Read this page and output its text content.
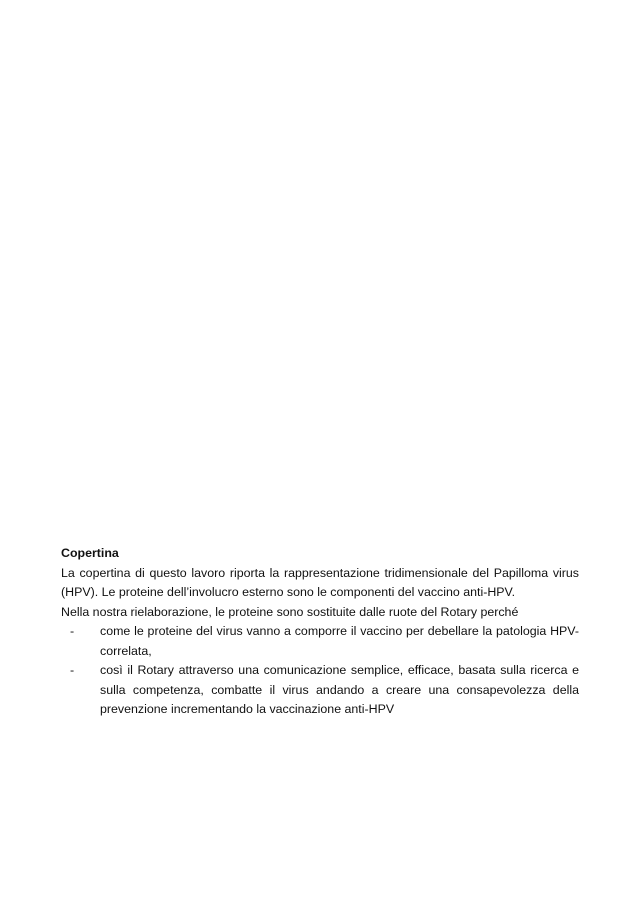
Copertina

La copertina di questo lavoro riporta la rappresentazione tridimensionale del Papilloma virus (HPV). Le proteine dell’involucro esterno sono le componenti del vaccino anti-HPV.

Nella nostra rielaborazione, le proteine sono sostituite dalle ruote del Rotary perché

- come le proteine del virus vanno a comporre il vaccino per debellare la patologia HPV-correlata,
- così il Rotary attraverso una comunicazione semplice, efficace, basata sulla ricerca e sulla competenza, combatte il virus andando a creare una consapevolezza della prevenzione incrementando la vaccinazione anti-HPV
